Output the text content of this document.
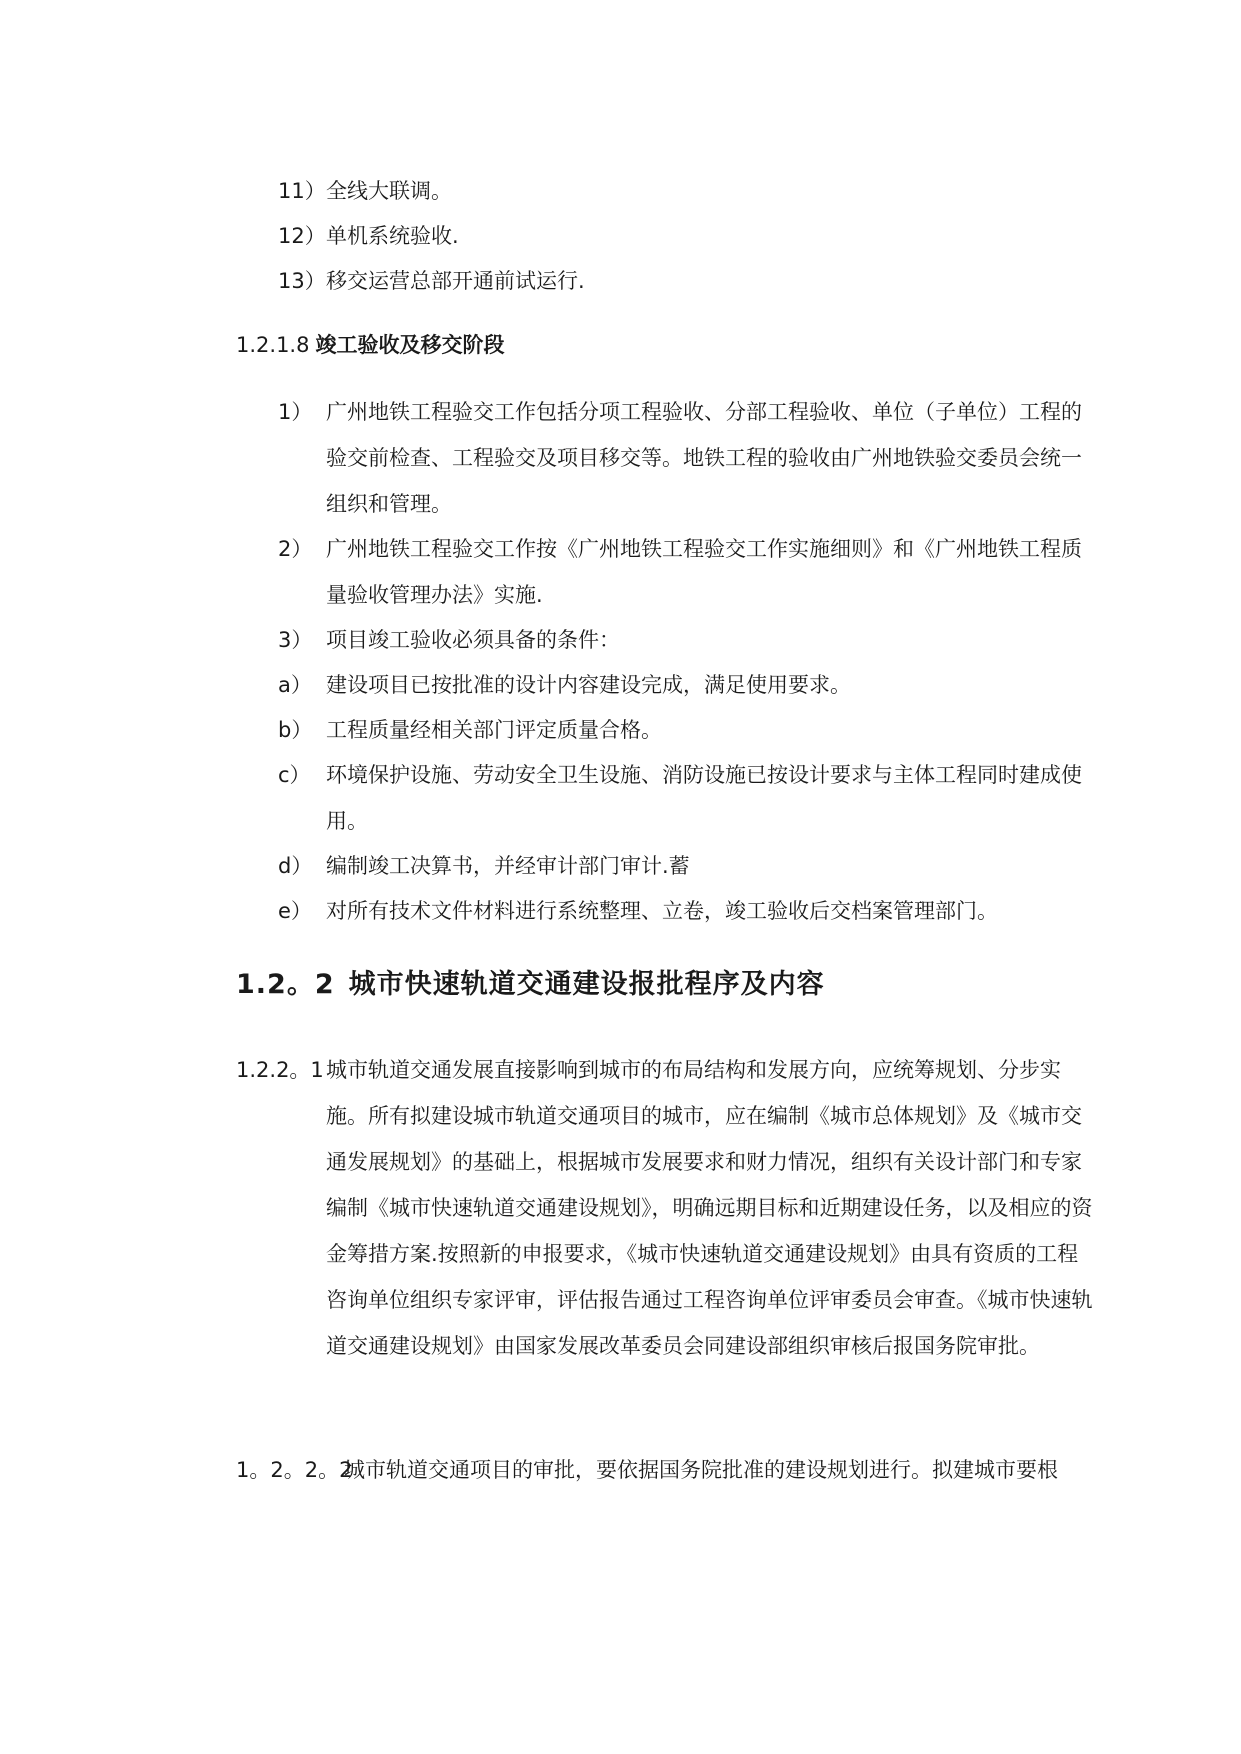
11） 全线大联调。
12） 单机系统验收.
13） 移交运营总部开通前试运行.
1.2.1.8 竣工验收及移交阶段
1） 广州地铁工程验交工作包括分项工程验收、分部工程验收、单位（子单位）工程的验交前检查、工程验交及项目移交等。地铁工程的验收由广州地铁验交委员会统一组织和管理。
2） 广州地铁工程验交工作按《广州地铁工程验交工作实施细则》和《广州地铁工程质量验收管理办法》实施.
3） 项目竣工验收必须具备的条件：
a） 建设项目已按批准的设计内容建设完成，满足使用要求。
b） 工程质量经相关部门评定质量合格。
c） 环境保护设施、劳动安全卫生设施、消防设施已按设计要求与主体工程同时建成使用。
d） 编制竣工决算书，并经审计部门审计.蓄
e） 对所有技术文件材料进行系统整理、立卷，竣工验收后交档案管理部门。
1.2。2 城市快速轨道交通建设报批程序及内容
1.2.2。1 城市轨道交通发展直接影响到城市的布局结构和发展方向，应统筹规划、分步实施。所有拟建设城市轨道交通项目的城市，应在编制《城市总体规划》及《城市交通发展规划》的基础上，根据城市发展要求和财力情况，组织有关设计部门和专家编制《城市快速轨道交通建设规划》，明确远期目标和近期建设任务，以及相应的资金筹措方案.按照新的申报要求，《城市快速轨道交通建设规划》由具有资质的工程咨询单位组织专家评审，评估报告通过工程咨询单位评审委员会审查。《城市快速轨道交通建设规划》由国家发展改革委员会同建设部组织审核后报国务院审批。
1。2。2。2
城市轨道交通项目的审批，要依据国务院批准的建设规划进行。拟建城市要根
